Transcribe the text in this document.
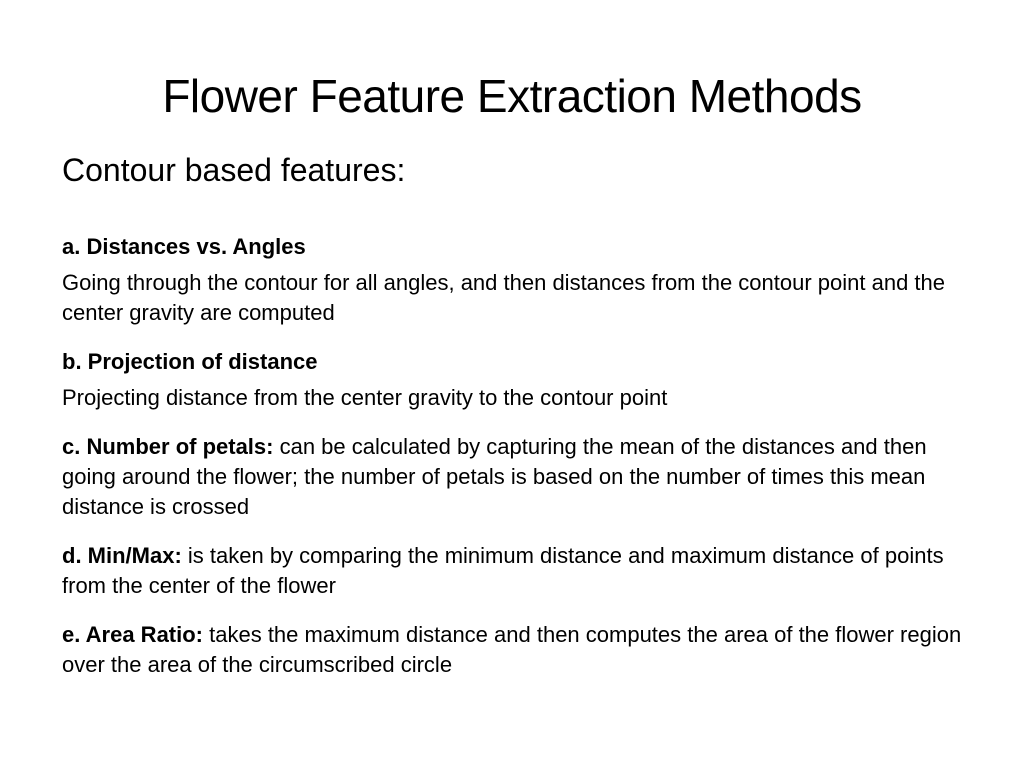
Flower Feature Extraction Methods
Contour based features:

a. Distances vs. Angles

Going through the contour for all angles, and then distances from the contour point and the center gravity are computed

b. Projection of distance

Projecting distance from the center gravity to the contour point

c. Number of petals: can be calculated by capturing the mean of the distances and then going around the flower; the number of petals is based on the number of times this mean distance is crossed

d. Min/Max: is taken by comparing the minimum distance and maximum distance of points from the center of the flower

e. Area Ratio: takes the maximum distance and then computes the area of the flower region over the area of the circumscribed circle
